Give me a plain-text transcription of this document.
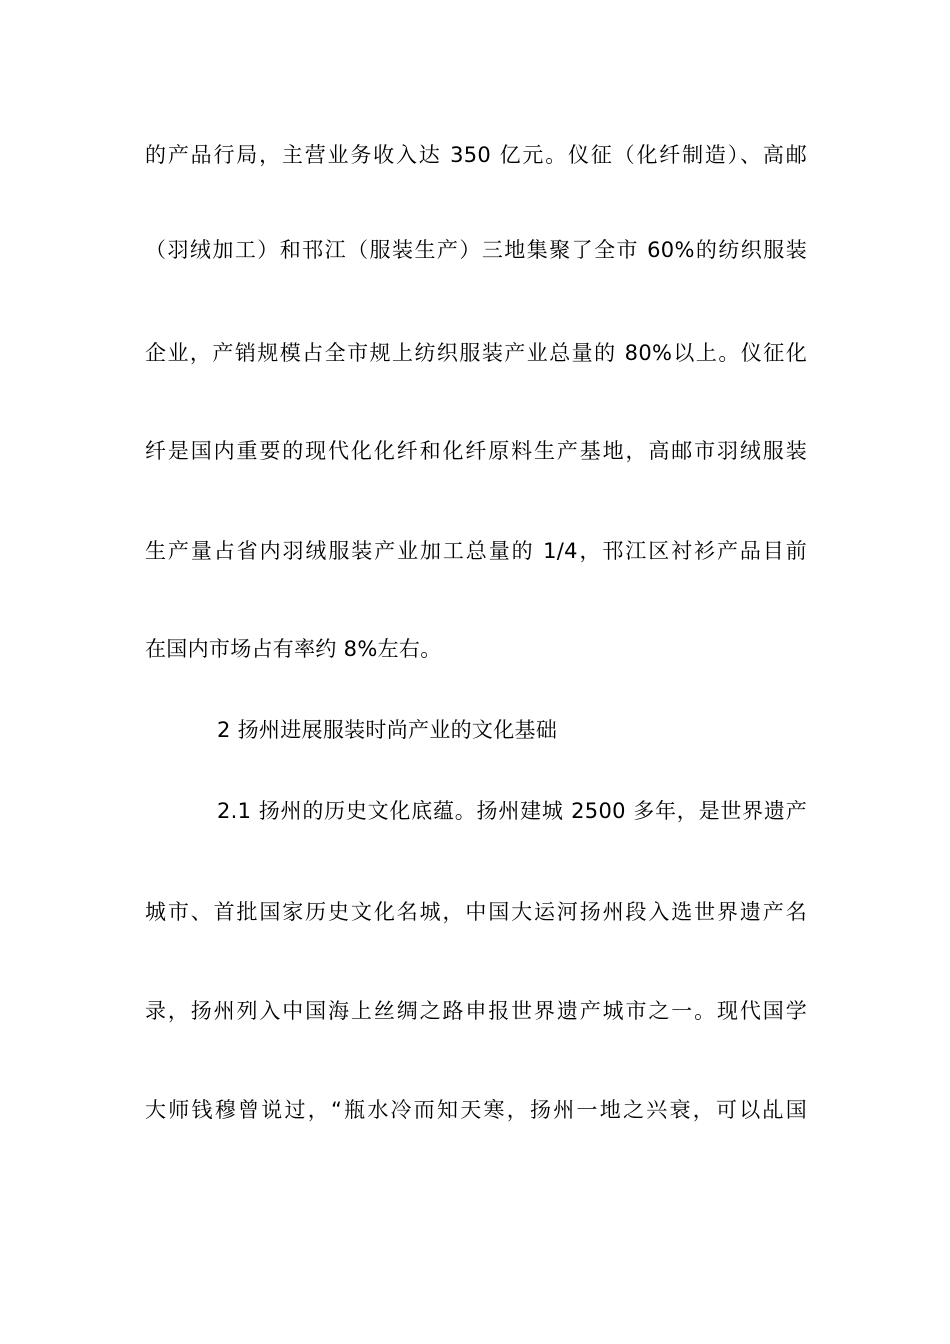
的产品行局，主营业务收入达 350 亿元。仪征（化纤制造）、高邮
（羽绒加工）和邗江（服装生产）三地集聚了全市 60%的纺织服装
企业，产销规模占全市规上纺织服装产业总量的 80%以上。仪征化
纤是国内重要的现代化化纤和化纤原料生产基地，高邮市羽绒服装
生产量占省内羽绒服装产业加工总量的 1/4，邗江区衬衫产品目前
在国内市场占有率约 8%左右。
2 扬州进展服装时尚产业的文化基础
2.1 扬州的历史文化底蕴。扬州建城 2500 多年，是世界遗产
城市、首批国家历史文化名城，中国大运河扬州段入选世界遗产名
录，扬州列入中国海上丝绸之路申报世界遗产城市之一。现代国学
大师钱穆曾说过，“瓶水冷而知天寒，扬州一地之兴衰，可以乩国
